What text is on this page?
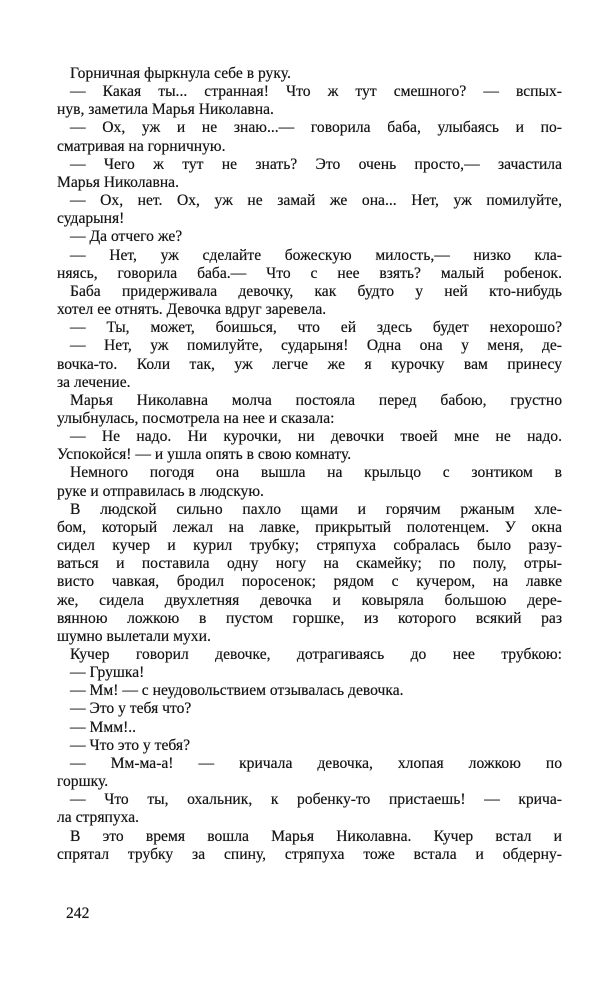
Горничная фыркнула себе в руку.
— Какая ты... странная! Что ж тут смешного? — вспых-
нув, заметила Марья Николавна.
— Ох, уж и не знаю...— говорила баба, улыбаясь и по-
сматривая на горничную.
— Чего ж тут не знать? Это очень просто,— зачастила
Марья Николавна.
— Ох, нет. Ох, уж не замай же она... Нет, уж помилуйте,
сударыня!
— Да отчего же?
— Нет, уж сделайте божескую милость,— низко кла-
няясь, говорила баба.— Что с нее взять? малый робенок.
Баба придерживала девочку, как будто у ней кто-нибудь
хотел ее отнять. Девочка вдруг заревела.
— Ты, может, боишься, что ей здесь будет нехорошо?
— Нет, уж помилуйте, сударыня! Одна она у меня, де-
вочка-то. Коли так, уж легче же я курочку вам принесу
за лечение.
Марья Николавна молча постояла перед бабою, грустно
улыбнулась, посмотрела на нее и сказала:
— Не надо. Ни курочки, ни девочки твоей мне не надо.
Успокойся! — и ушла опять в свою комнату.
Немного погодя она вышла на крыльцо с зонтиком в
руке и отправилась в людскую.
В людской сильно пахло щами и горячим ржаным хле-
бом, который лежал на лавке, прикрытый полотенцем. У окна
сидел кучер и курил трубку; стряпуха собралась было разу-
ваться и поставила одну ногу на скамейку; по полу, отры-
висто чавкая, бродил поросенок; рядом с кучером, на лавке
же, сидела двухлетняя девочка и ковыряла большою дере-
вянною ложкою в пустом горшке, из которого всякий раз
шумно вылетали мухи.
Кучер говорил девочке, дотрагиваясь до нее трубкою:
— Грушка!
— Мм! — с неудовольствием отзывалась девочка.
— Это у тебя что?
— Ммм!..
— Что это у тебя?
— Мм-ма-а! — кричала девочка, хлопая ложкою по
горшку.
— Что ты, охальник, к робенку-то пристаешь! — крича-
ла стряпуха.
В это время вошла Марья Николавна. Кучер встал и
спрятал трубку за спину, стряпуха тоже встала и обдерну-
242
